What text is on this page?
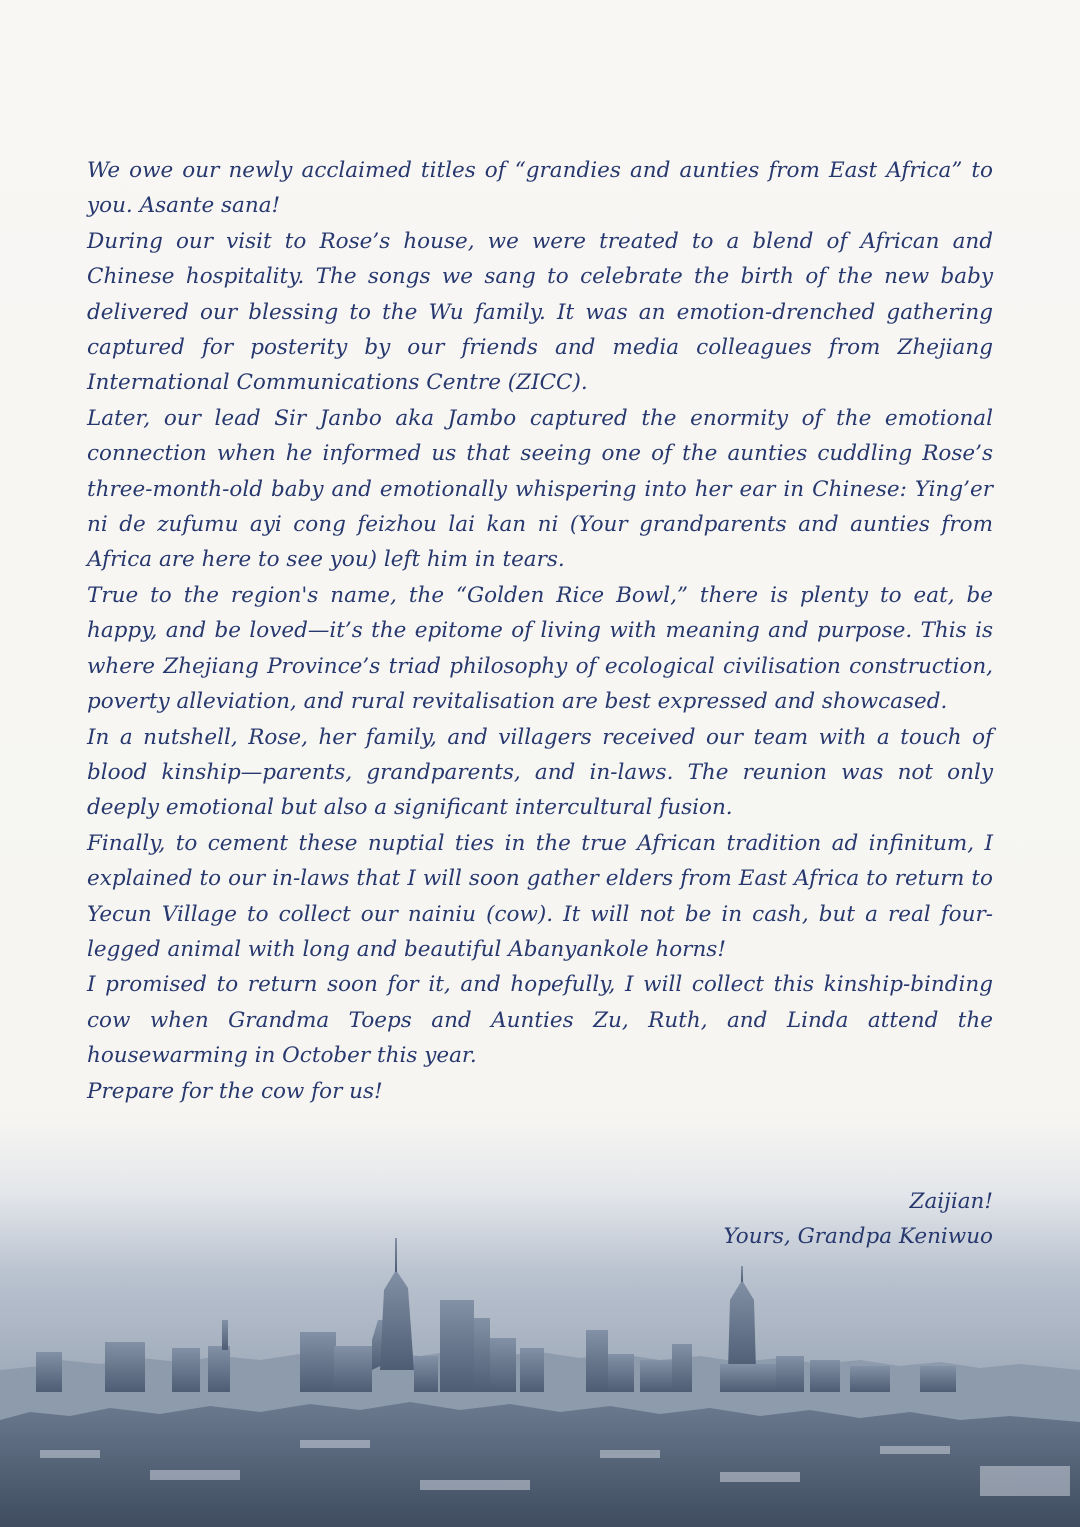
We owe our newly acclaimed titles of “grandies and aunties from East Africa” to you. Asante sana!

During our visit to Rose’s house, we were treated to a blend of African and Chinese hospitality. The songs we sang to celebrate the birth of the new baby delivered our blessing to the Wu family. It was an emotion-drenched gathering captured for posterity by our friends and media colleagues from Zhejiang International Communications Centre (ZICC).

Later, our lead Sir Janbo aka Jambo captured the enormity of the emotional connection when he informed us that seeing one of the aunties cuddling Rose’s three-month-old baby and emotionally whispering into her ear in Chinese: Ying’er ni de zufumu ayi cong feizhou lai kan ni (Your grandparents and aunties from Africa are here to see you) left him in tears.

True to the region's name, the “Golden Rice Bowl,” there is plenty to eat, be happy, and be loved—it’s the epitome of living with meaning and purpose. This is where Zhejiang Province’s triad philosophy of ecological civilisation construction, poverty alleviation, and rural revitalisation are best expressed and showcased.

In a nutshell, Rose, her family, and villagers received our team with a touch of blood kinship—parents, grandparents, and in-laws. The reunion was not only deeply emotional but also a significant intercultural fusion.

Finally, to cement these nuptial ties in the true African tradition ad infinitum, I explained to our in-laws that I will soon gather elders from East Africa to return to Yecun Village to collect our nainiu (cow). It will not be in cash, but a real four-legged animal with long and beautiful Abanyankole horns!

I promised to return soon for it, and hopefully, I will collect this kinship-binding cow when Grandma Toeps and Aunties Zu, Ruth, and Linda attend the housewarming in October this year.

Prepare for the cow for us!

Zaijian!
Yours, Grandpa Keniwuo
